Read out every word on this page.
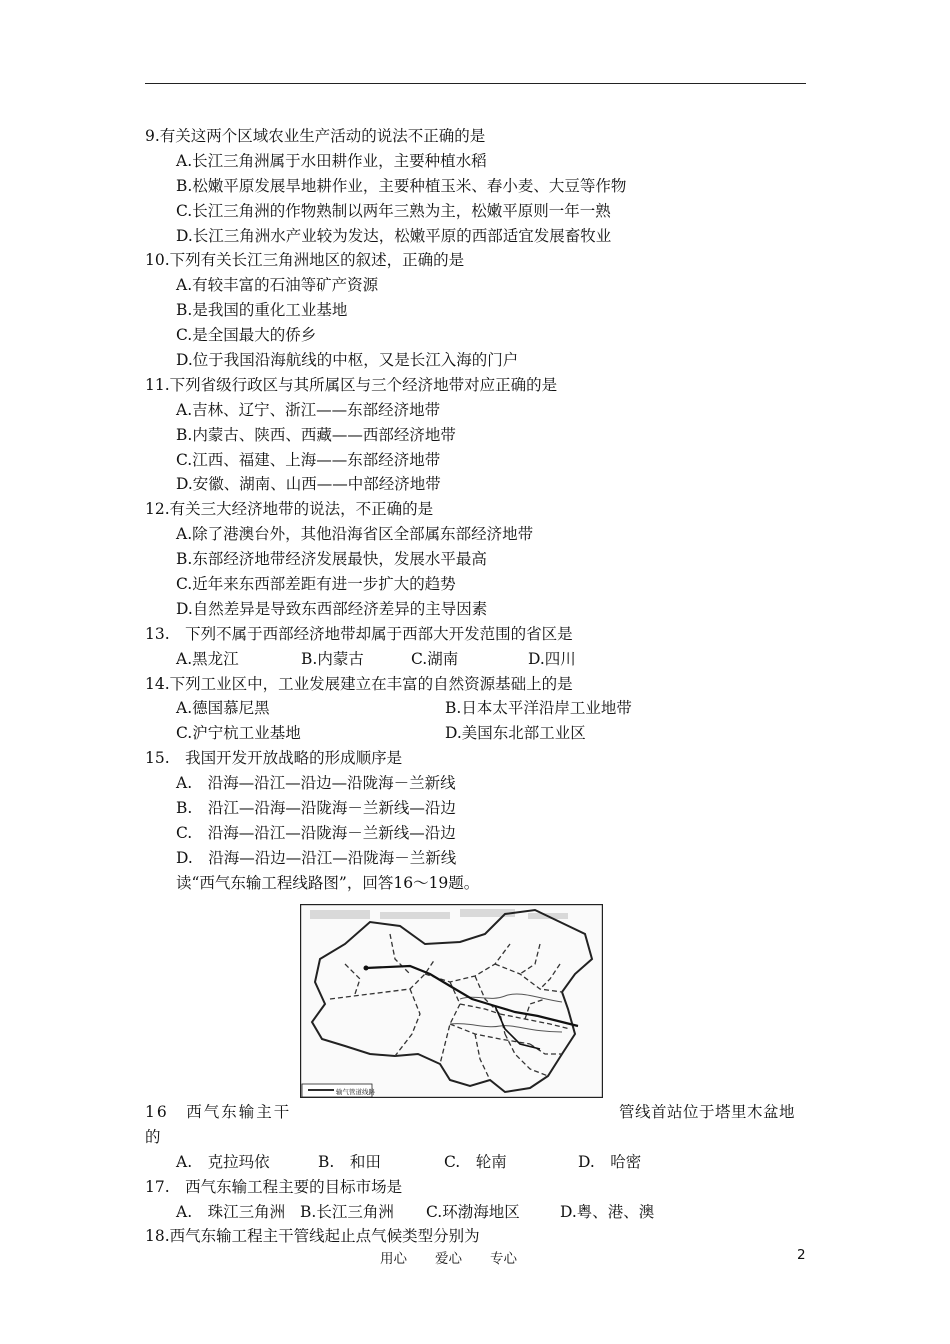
9.有关这两个区域农业生产活动的说法不正确的是
A.长江三角洲属于水田耕作业，主要种植水稻
B.松嫩平原发展旱地耕作业，主要种植玉米、春小麦、大豆等作物
C.长江三角洲的作物熟制以两年三熟为主，松嫩平原则一年一熟
D.长江三角洲水产业较为发达，松嫩平原的西部适宜发展畜牧业
10.下列有关长江三角洲地区的叙述，正确的是
A.有较丰富的石油等矿产资源
B.是我国的重化工业基地
C.是全国最大的侨乡
D.位于我国沿海航线的中枢，又是长江入海的门户
11.下列省级行政区与其所属区与三个经济地带对应正确的是
A.吉林、辽宁、浙江——东部经济地带
B.内蒙古、陕西、西藏——西部经济地带
C.江西、福建、上海——东部经济地带
D.安徽、湖南、山西——中部经济地带
12.有关三大经济地带的说法，不正确的是
A.除了港澳台外，其他沿海省区全部属东部经济地带
B.东部经济地带经济发展最快，发展水平最高
C.近年来东西部差距有进一步扩大的趋势
D.自然差异是导致东西部经济差异的主导因素
13.　下列不属于西部经济地带却属于西部大开发范围的省区是
A.黑龙江	B.内蒙古	C.湖南	D.四川
14.下列工业区中，工业发展建立在丰富的自然资源基础上的是
A.德国慕尼黑	B.日本太平洋沿岸工业地带
C.沪宁杭工业基地	D.美国东北部工业区
15.　我国开发开放战略的形成顺序是
A.　沿海—沿江—沿边—沿陇海－兰新线
B.　沿江—沿海—沿陇海－兰新线—沿边
C.　沿海—沿江—沿陇海－兰新线—沿边
D.　沿海—沿边—沿江—沿陇海－兰新线
读“西气东输工程线路图”，回答16～19题。
输气管道线路
16　西气东输主干	管线首站位于塔里木盆地
的
A.　克拉玛依	B.　和田	C.　轮南	D.　哈密
17.　西气东输工程主要的目标市场是
A.　珠江三角洲 B.长江三角洲 C.环渤海地区	D.粤、港、澳
18.西气东输工程主干管线起止点气候类型分别为
用心 爱心 专心	2
